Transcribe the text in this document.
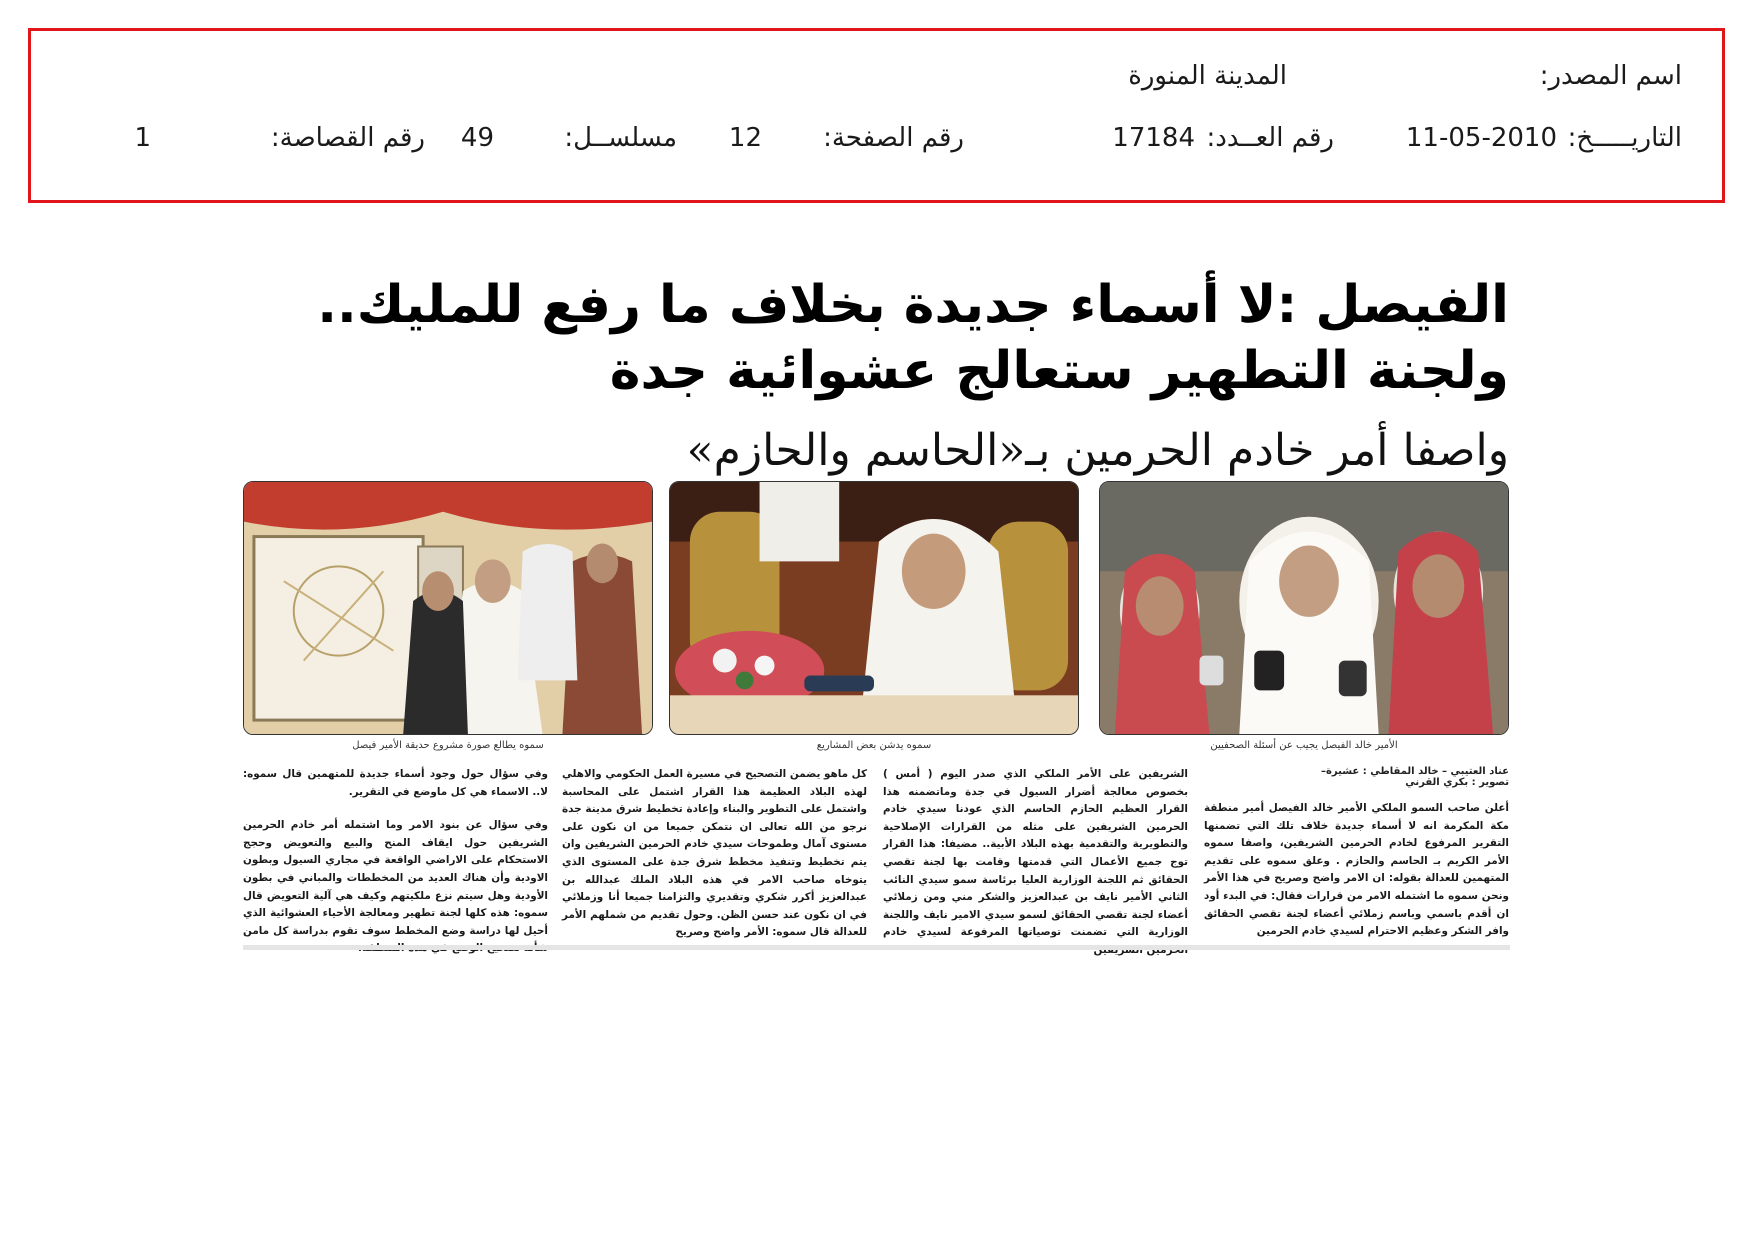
اسم المصدر:
المدينة المنورة
التاريـــــخ:
11-05-2010
رقم العــدد:
17184
رقم الصفحة:
12
مسلســل:
49
رقم القصاصة:
1
الفيصل :لا أسماء جديدة بخلاف ما رفع للمليك..
ولجنة التطهير ستعالج عشوائية جدة
واصفا أمر خادم الحرمين بـ«الحاسم والحازم»
الأمير خالد الفيصل يجيب عن أسئلة الصحفيين
سموه يدشن بعض المشاريع
سموه يطالع صورة مشروع حديقة الأمير فيصل
عناد العتيبي – خالد المقاطي : عشيرة–تصوير : بكري القرني

أعلن صاحب السمو الملكي الأمير خالد الفيصل أمير منطقة مكة المكرمة انه لا أسماء جديدة خلاف تلك التي تضمنها التقرير المرفوع لخادم الحرمين الشريفين، واصفا سموه الأمر الكريم بـ الحاسم والحازم . وعلق سموه على تقديم المتهمين للعدالة بقوله: ان الامر واضح وصريح في هذا الأمر ونحن سموه ما اشتمله الامر من قرارات فقال: في البدء أود ان أقدم باسمي وباسم زملائي أعضاء لجنة تقصي الحقائق وافر الشكر وعظيم الاحترام لسيدي خادم الحرمين

الشريفين على الأمر الملكي الذي صدر اليوم ( أمس ) بخصوص معالجة أضرار السيول في جدة وماتضمنه هذا القرار العظيم الحازم الحاسم الذي عودنا سيدي خادم الحرمين الشريفين على مثله من القرارات الإصلاحية والتطويرية والتقدمية بهذه البلاد الأبية.. مضيفا: هذا القرار توج جميع الأعمال التي قدمتها وقامت بها لجنة تقصي الحقائق ثم اللجنة الوزارية العليا برئاسة سمو سيدي النائب الثاني الأمير نايف بن عبدالعزيز والشكر مني ومن زملائي أعضاء لجنة تقصي الحقائق لسمو سيدي الامير نايف واللجنة الوزارية التي تضمنت توصياتها المرفوعة لسيدي خادم

كل ماهو يضمن التصحيح في مسيرة العمل الحكومي والاهلي لهذه البلاد العظيمة هذا القرار اشتمل على المحاسبة واشتمل على التطوير والبناء وإعادة تخطيط شرق مدينة جدة نرجو من الله تعالى ان نتمكن جميعا من ان نكون على مستوى آمال وطموحات سيدي خادم الحرمين الشريفين وان يتم تخطيط وتنفيذ مخطط شرق جدة على المستوى الذي يتوخاه صاحب الامر في هذه البلاد الملك عبدالله بن عبدالعزيز أكرر شكري وتقديري والتزامنا جميعا أنا وزملائي في ان نكون عند حسن الظن. وحول تقديم من شملهم الأمر للعدالة قال سموه: الأمر واضح وصريح

وفي سؤال حول وجود أسماء جديدة للمتهمين قال سموه: لا.. الاسماء هي كل ماوضع في التقرير.

وفي سؤال عن بنود الامر وما اشتمله أمر خادم الحرمين الشريفين حول ايقاف المنح والبيع والتعويض وحجج الاستحكام على الاراضي الواقعة في مجاري السيول وبطون الاودية وأن هناك العديد من المخططات والمباني في بطون الأودية وهل سيتم نزع ملكيتهم وكيف هي آلية التعويض قال سموه: هذه كلها لجنة تطهير ومعالجة الأحياء العشوائية الذي أحيل لها دراسة وضع المخطط سوف تقوم بدراسة كل مامن
